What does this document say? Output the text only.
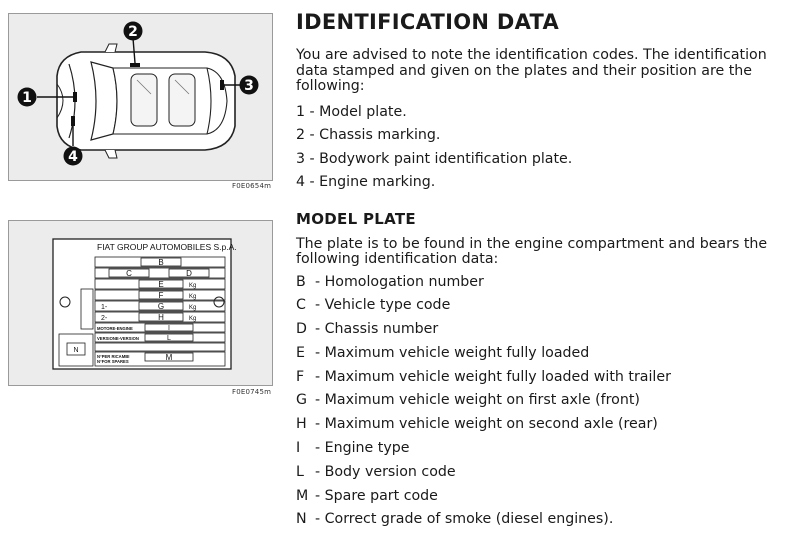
1
2
3
4
F0E0654m
FIAT GROUP AUTOMOBILES S.p.A.
B
C	D
E
F
G
H
I
L
M
N
Kg
Kg
Kg
Kg
1-
2-
MOTORE-ENGINE
VERSIONE-VERSION
N°PER RICAMBI
N°FOR SPARES
F0E0745m
IDENTIFICATION DATA

You are advised to note the identification codes. The identification data stamped and given on the plates and their position are the following:

1 - Model plate.
2 - Chassis marking.
3 - Bodywork paint identification plate.
4 - Engine marking.
MODEL PLATE

The plate is to be found in the engine compartment and bears the following identification data:

B - Homologation number
C - Vehicle type code
D - Chassis number
E - Maximum vehicle weight fully loaded
F - Maximum vehicle weight fully loaded with trailer
G - Maximum vehicle weight on first axle (front)
H - Maximum vehicle weight on second axle (rear)
I - Engine type
L - Body version code
M - Spare part code
N - Correct grade of smoke (diesel engines).
